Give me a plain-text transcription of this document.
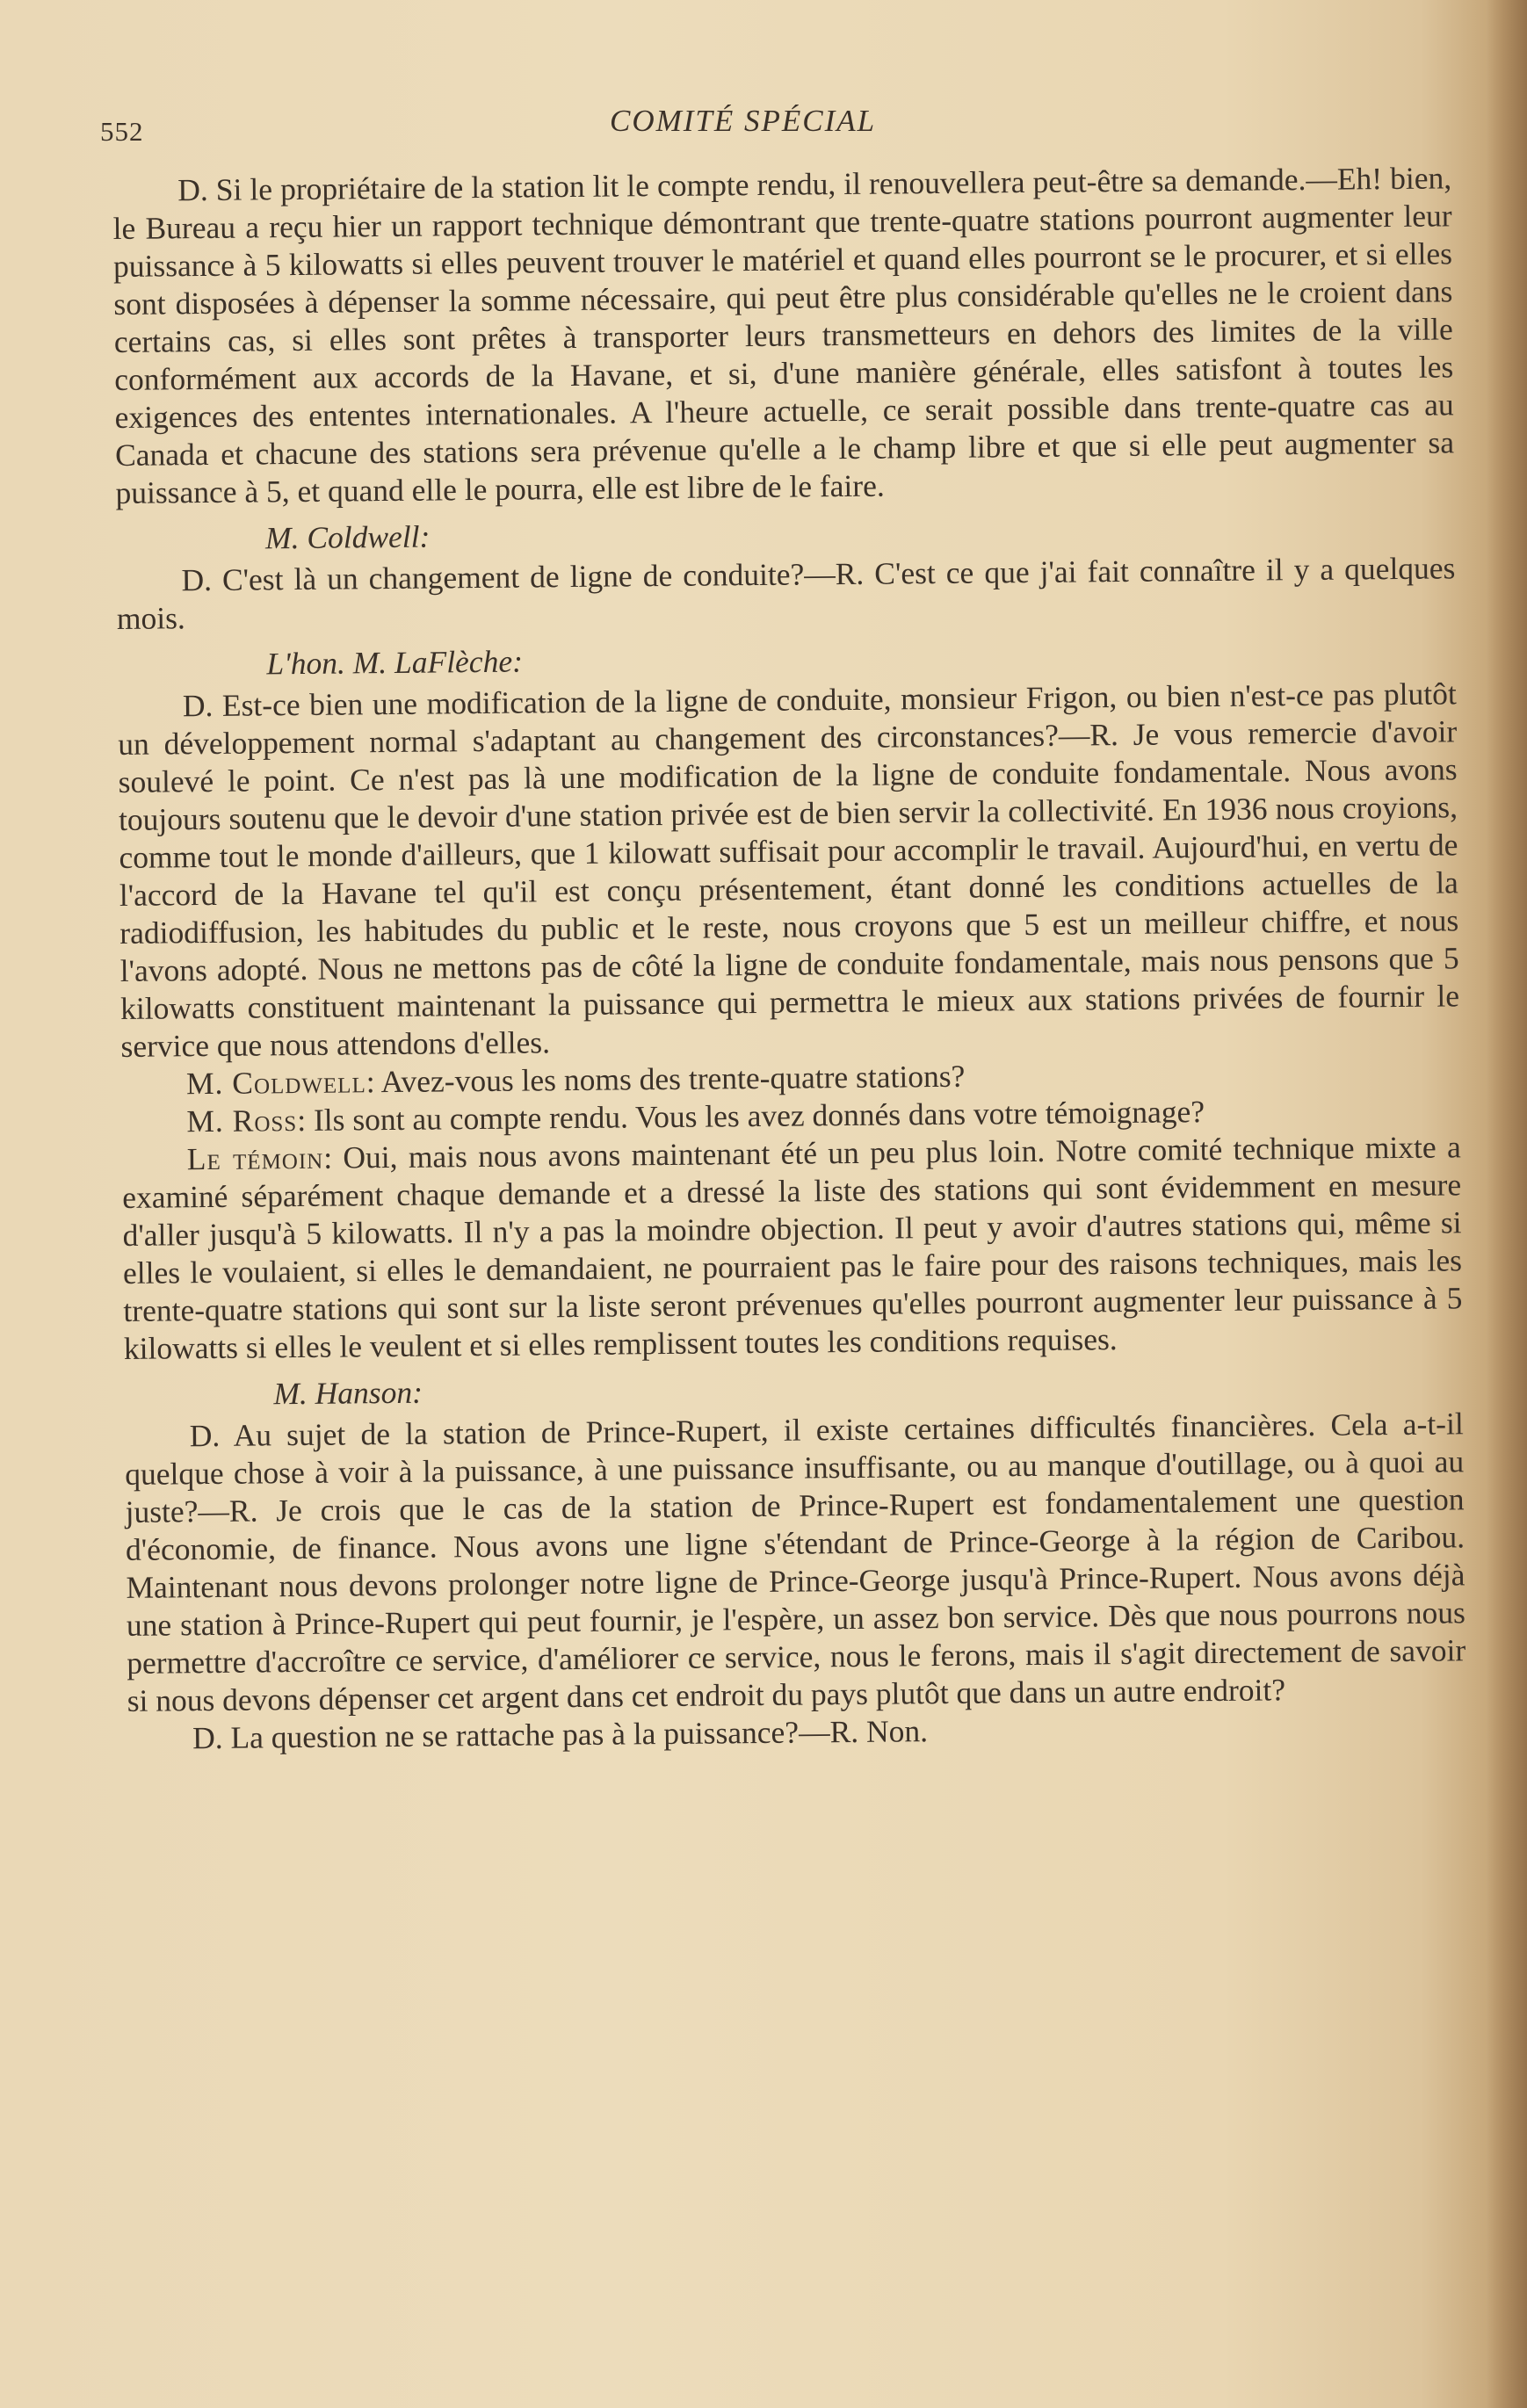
552	COMITÉ SPÉCIAL

D. Si le propriétaire de la station lit le compte rendu, il renouvellera peut-être sa demande.—Eh! bien, le Bureau a reçu hier un rapport technique démontrant que trente-quatre stations pourront augmenter leur puissance à 5 kilowatts si elles peuvent trouver le matériel et quand elles pourront se le procurer, et si elles sont disposées à dépenser la somme nécessaire, qui peut être plus considérable qu'elles ne le croient dans certains cas, si elles sont prêtes à transporter leurs transmetteurs en dehors des limites de la ville conformément aux accords de la Havane, et si, d'une manière générale, elles satisfont à toutes les exigences des ententes internationales. A l'heure actuelle, ce serait possible dans trente-quatre cas au Canada et chacune des stations sera prévenue qu'elle a le champ libre et que si elle peut augmenter sa puissance à 5, et quand elle le pourra, elle est libre de le faire.

M. Coldwell:

D. C'est là un changement de ligne de conduite?—R. C'est ce que j'ai fait connaître il y a quelques mois.

L'hon. M. LaFlèche:

D. Est-ce bien une modification de la ligne de conduite, monsieur Frigon, ou bien n'est-ce pas plutôt un développement normal s'adaptant au changement des circonstances?—R. Je vous remercie d'avoir soulevé le point. Ce n'est pas là une modification de la ligne de conduite fondamentale. Nous avons toujours soutenu que le devoir d'une station privée est de bien servir la collectivité. En 1936 nous croyions, comme tout le monde d'ailleurs, que 1 kilowatt suffisait pour accomplir le travail. Aujourd'hui, en vertu de l'accord de la Havane tel qu'il est conçu présentement, étant donné les conditions actuelles de la radiodiffusion, les habitudes du public et le reste, nous croyons que 5 est un meilleur chiffre, et nous l'avons adopté. Nous ne mettons pas de côté la ligne de conduite fondamentale, mais nous pensons que 5 kilowatts constituent maintenant la puissance qui permettra le mieux aux stations privées de fournir le service que nous attendons d'elles.

M. Coldwell: Avez-vous les noms des trente-quatre stations?

M. Ross: Ils sont au compte rendu. Vous les avez donnés dans votre témoignage?

Le témoin: Oui, mais nous avons maintenant été un peu plus loin. Notre comité technique mixte a examiné séparément chaque demande et a dressé la liste des stations qui sont évidemment en mesure d'aller jusqu'à 5 kilowatts. Il n'y a pas la moindre objection. Il peut y avoir d'autres stations qui, même si elles le voulaient, si elles le demandaient, ne pourraient pas le faire pour des raisons techniques, mais les trente-quatre stations qui sont sur la liste seront prévenues qu'elles pourront augmenter leur puissance à 5 kilowatts si elles le veulent et si elles remplissent toutes les conditions requises.

M. Hanson:

D. Au sujet de la station de Prince-Rupert, il existe certaines difficultés financières. Cela a-t-il quelque chose à voir à la puissance, à une puissance insuffisante, ou au manque d'outillage, ou à quoi au juste?—R. Je crois que le cas de la station de Prince-Rupert est fondamentalement une question d'économie, de finance. Nous avons une ligne s'étendant de Prince-George à la région de Caribou. Maintenant nous devons prolonger notre ligne de Prince-George jusqu'à Prince-Rupert. Nous avons déjà une station à Prince-Rupert qui peut fournir, je l'espère, un assez bon service. Dès que nous pourrons nous permettre d'accroître ce service, d'améliorer ce service, nous le ferons, mais il s'agit directement de savoir si nous devons dépenser cet argent dans cet endroit du pays plutôt que dans un autre endroit?

D. La question ne se rattache pas à la puissance?—R. Non.
